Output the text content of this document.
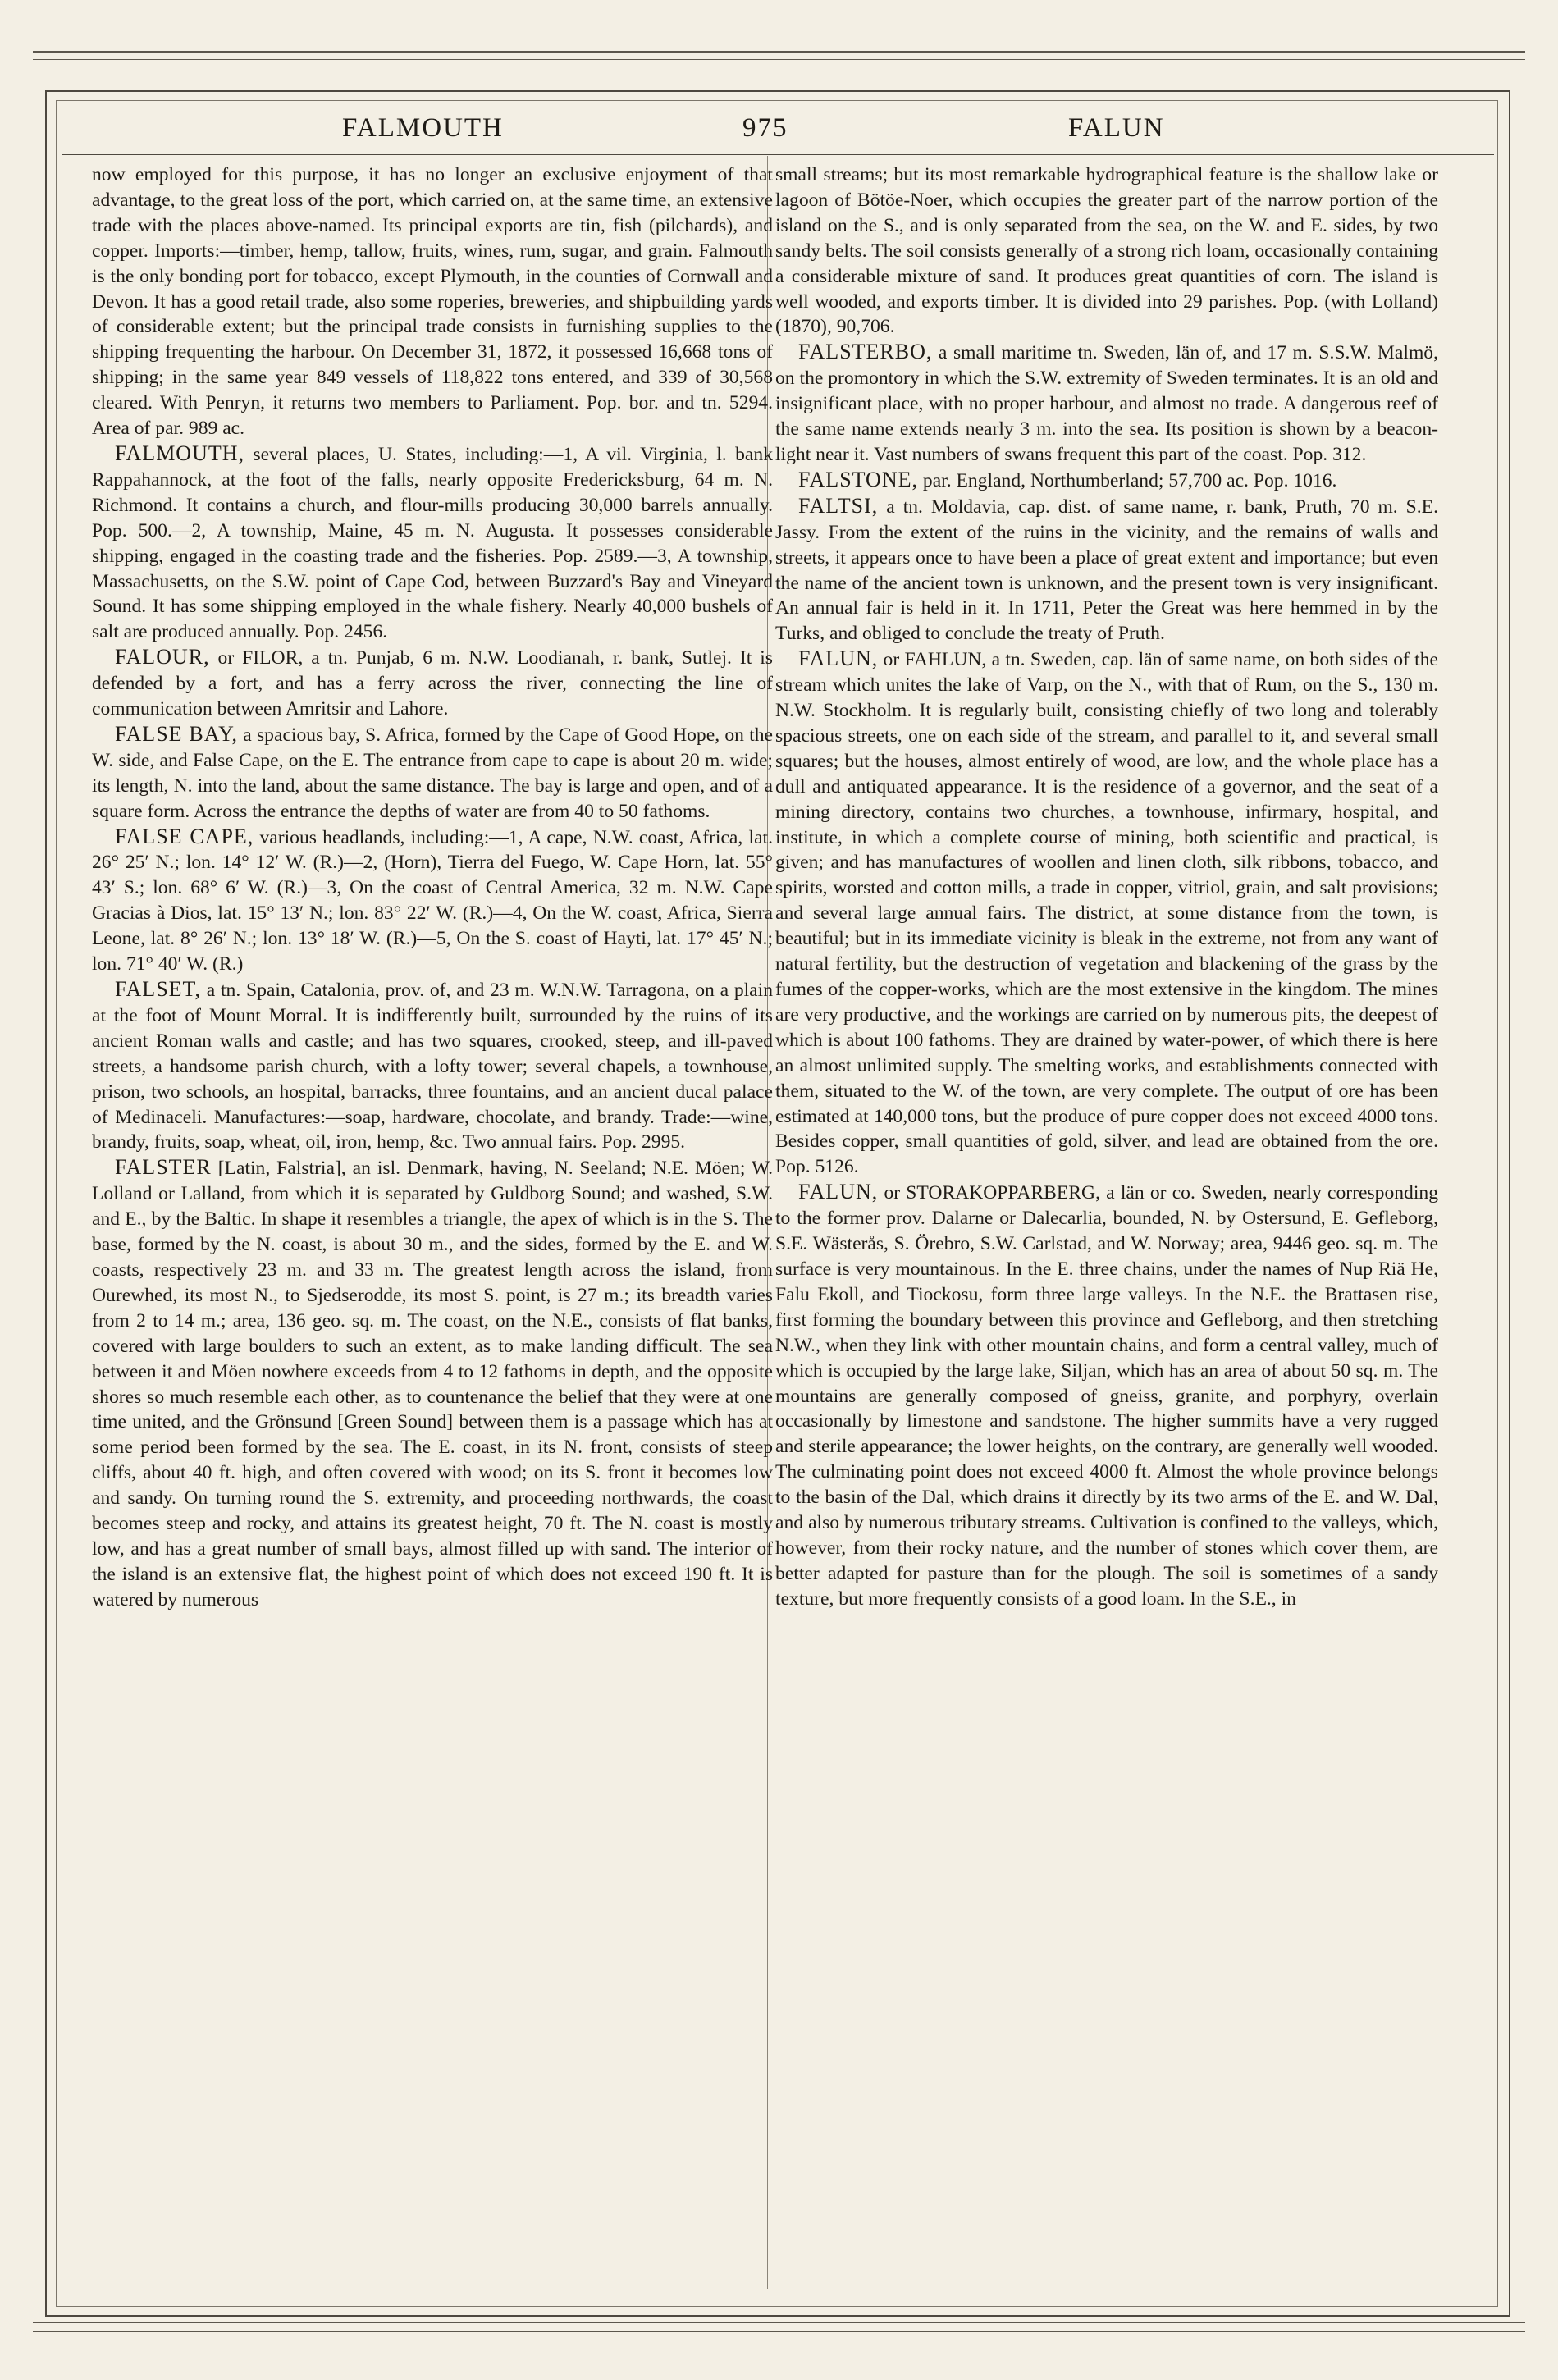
FALMOUTH	975	FALUN

now employed for this purpose, it has no longer an exclusive enjoyment of that advantage, to the great loss of the port, which carried on, at the same time, an extensive trade with the places above-named. Its principal exports are tin, fish (pilchards), and copper. Imports:—timber, hemp, tallow, fruits, wines, rum, sugar, and grain. Falmouth is the only bonding port for tobacco, except Plymouth, in the counties of Cornwall and Devon. It has a good retail trade, also some roperies, breweries, and shipbuilding yards of considerable extent; but the principal trade consists in furnishing supplies to the shipping frequenting the harbour. On December 31, 1872, it possessed 16,668 tons of shipping; in the same year 849 vessels of 118,822 tons entered, and 339 of 30,568 cleared. With Penryn, it returns two members to Parliament. Pop. bor. and tn. 5294. Area of par. 989 ac.

FALMOUTH, several places, U. States, including:—1, A vil. Virginia, l. bank Rappahannock, at the foot of the falls, nearly opposite Fredericksburg, 64 m. N. Richmond. It contains a church, and flour-mills producing 30,000 barrels annually. Pop. 500.—2, A township, Maine, 45 m. N. Augusta. It possesses considerable shipping, engaged in the coasting trade and the fisheries. Pop. 2589.—3, A township, Massachusetts, on the S.W. point of Cape Cod, between Buzzard's Bay and Vineyard Sound. It has some shipping employed in the whale fishery. Nearly 40,000 bushels of salt are produced annually. Pop. 2456.

FALOUR, or FILOR, a tn. Punjab, 6 m. N.W. Loodianah, r. bank, Sutlej. It is defended by a fort, and has a ferry across the river, connecting the line of communication between Amritsir and Lahore.

FALSE BAY, a spacious bay, S. Africa, formed by the Cape of Good Hope, on the W. side, and False Cape, on the E. The entrance from cape to cape is about 20 m. wide; its length, N. into the land, about the same distance. The bay is large and open, and of a square form. Across the entrance the depths of water are from 40 to 50 fathoms.

FALSE CAPE, various headlands, including:—1, A cape, N.W. coast, Africa, lat. 26° 25′ N.; lon. 14° 12′ W. (R.)—2, (Horn), Tierra del Fuego, W. Cape Horn, lat. 55° 43′ S.; lon. 68° 6′ W. (R.)—3, On the coast of Central America, 32 m. N.W. Cape Gracias à Dios, lat. 15° 13′ N.; lon. 83° 22′ W. (R.)—4, On the W. coast, Africa, Sierra Leone, lat. 8° 26′ N.; lon. 13° 18′ W. (R.)—5, On the S. coast of Hayti, lat. 17° 45′ N.; lon. 71° 40′ W. (R.)

FALSET, a tn. Spain, Catalonia, prov. of, and 23 m. W.N.W. Tarragona, on a plain at the foot of Mount Morral. It is indifferently built, surrounded by the ruins of its ancient Roman walls and castle; and has two squares, crooked, steep, and ill-paved streets, a handsome parish church, with a lofty tower; several chapels, a townhouse, prison, two schools, an hospital, barracks, three fountains, and an ancient ducal palace of Medinaceli. Manufactures:—soap, hardware, chocolate, and brandy. Trade:—wine, brandy, fruits, soap, wheat, oil, iron, hemp, &c. Two annual fairs. Pop. 2995.

FALSTER [Latin, Falstria], an isl. Denmark, having, N. Seeland; N.E. Möen; W. Lolland or Lalland, from which it is separated by Guldborg Sound; and washed, S.W. and E., by the Baltic. In shape it resembles a triangle, the apex of which is in the S. The base, formed by the N. coast, is about 30 m., and the sides, formed by the E. and W. coasts, respectively 23 m. and 33 m. The greatest length across the island, from Ourewhed, its most N., to Sjedserodde, its most S. point, is 27 m.; its breadth varies from 2 to 14 m.; area, 136 geo. sq. m. The coast, on the N.E., consists of flat banks, covered with large boulders to such an extent, as to make landing difficult. The sea between it and Möen nowhere exceeds from 4 to 12 fathoms in depth, and the opposite shores so much resemble each other, as to countenance the belief that they were at one time united, and the Grönsund [Green Sound] between them is a passage which has at some period been formed by the sea. The E. coast, in its N. front, consists of steep cliffs, about 40 ft. high, and often covered with wood; on its S. front it becomes low and sandy. On turning round the S. extremity, and proceeding northwards, the coast becomes steep and rocky, and attains its greatest height, 70 ft. The N. coast is mostly low, and has a great number of small bays, almost filled up with sand. The interior of the island is an extensive flat, the highest point of which does not exceed 190 ft. It is watered by numerous

small streams; but its most remarkable hydrographical feature is the shallow lake or lagoon of Bötöe-Noer, which occupies the greater part of the narrow portion of the island on the S., and is only separated from the sea, on the W. and E. sides, by two sandy belts. The soil consists generally of a strong rich loam, occasionally containing a considerable mixture of sand. It produces great quantities of corn. The island is well wooded, and exports timber. It is divided into 29 parishes. Pop. (with Lolland) (1870), 90,706.

FALSTERBO, a small maritime tn. Sweden, län of, and 17 m. S.S.W. Malmö, on the promontory in which the S.W. extremity of Sweden terminates. It is an old and insignificant place, with no proper harbour, and almost no trade. A dangerous reef of the same name extends nearly 3 m. into the sea. Its position is shown by a beacon-light near it. Vast numbers of swans frequent this part of the coast. Pop. 312.

FALSTONE, par. England, Northumberland; 57,700 ac. Pop. 1016.

FALTSI, a tn. Moldavia, cap. dist. of same name, r. bank, Pruth, 70 m. S.E. Jassy. From the extent of the ruins in the vicinity, and the remains of walls and streets, it appears once to have been a place of great extent and importance; but even the name of the ancient town is unknown, and the present town is very insignificant. An annual fair is held in it. In 1711, Peter the Great was here hemmed in by the Turks, and obliged to conclude the treaty of Pruth.

FALUN, or FAHLUN, a tn. Sweden, cap. län of same name, on both sides of the stream which unites the lake of Varp, on the N., with that of Rum, on the S., 130 m. N.W. Stockholm. It is regularly built, consisting chiefly of two long and tolerably spacious streets, one on each side of the stream, and parallel to it, and several small squares; but the houses, almost entirely of wood, are low, and the whole place has a dull and antiquated appearance. It is the residence of a governor, and the seat of a mining directory, contains two churches, a townhouse, infirmary, hospital, and institute, in which a complete course of mining, both scientific and practical, is given; and has manufactures of woollen and linen cloth, silk ribbons, tobacco, and spirits, worsted and cotton mills, a trade in copper, vitriol, grain, and salt provisions; and several large annual fairs. The district, at some distance from the town, is beautiful; but in its immediate vicinity is bleak in the extreme, not from any want of natural fertility, but the destruction of vegetation and blackening of the grass by the fumes of the copper-works, which are the most extensive in the kingdom. The mines are very productive, and the workings are carried on by numerous pits, the deepest of which is about 100 fathoms. They are drained by water-power, of which there is here an almost unlimited supply. The smelting works, and establishments connected with them, situated to the W. of the town, are very complete. The output of ore has been estimated at 140,000 tons, but the produce of pure copper does not exceed 4000 tons. Besides copper, small quantities of gold, silver, and lead are obtained from the ore. Pop. 5126.

FALUN, or STORAKOPPARBERG, a län or co. Sweden, nearly corresponding to the former prov. Dalarne or Dalecarlia, bounded, N. by Ostersund, E. Gefleborg, S.E. Wästerås, S. Örebro, S.W. Carlstad, and W. Norway; area, 9446 geo. sq. m. The surface is very mountainous. In the E. three chains, under the names of Nup Riä He, Falu Ekoll, and Tiockosu, form three large valleys. In the N.E. the Brattasen rise, first forming the boundary between this province and Gefleborg, and then stretching N.W., when they link with other mountain chains, and form a central valley, much of which is occupied by the large lake, Siljan, which has an area of about 50 sq. m. The mountains are generally composed of gneiss, granite, and porphyry, overlain occasionally by limestone and sandstone. The higher summits have a very rugged and sterile appearance; the lower heights, on the contrary, are generally well wooded. The culminating point does not exceed 4000 ft. Almost the whole province belongs to the basin of the Dal, which drains it directly by its two arms of the E. and W. Dal, and also by numerous tributary streams. Cultivation is confined to the valleys, which, however, from their rocky nature, and the number of stones which cover them, are better adapted for pasture than for the plough. The soil is sometimes of a sandy texture, but more frequently consists of a good loam. In the S.E., in
